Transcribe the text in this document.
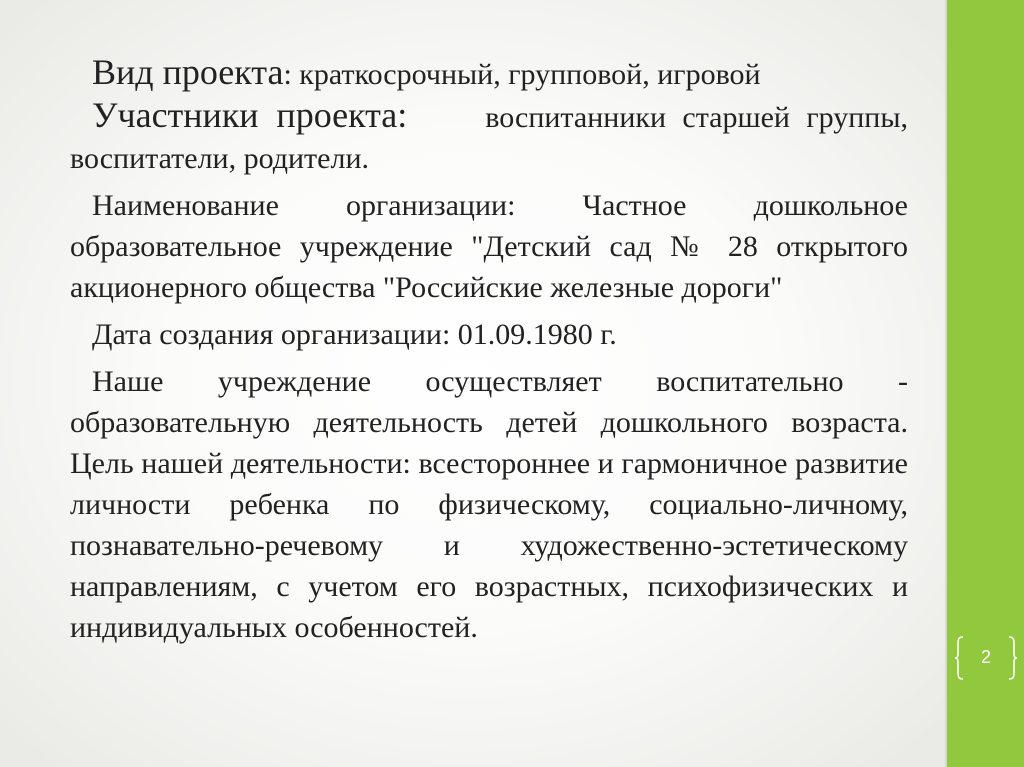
2

Вид проекта: краткосрочный, групповой, игровой

Участники проекта:	воспитанники старшей группы, воспитатели, родители.

Наименование организации: Частное дошкольное образовательное учреждение "Детский сад № 28 открытого акционерного общества "Российские железные дороги"

Дата создания организации: 01.09.1980 г.

Наше учреждение осуществляет воспитательно - образовательную деятельность детей дошкольного возраста. Цель нашей деятельности: всестороннее и гармоничное развитие личности ребенка по физическому, социально-личному, познавательно-речевому и художественно-эстетическому направлениям, с учетом его возрастных, психофизических и индивидуальных особенностей.
